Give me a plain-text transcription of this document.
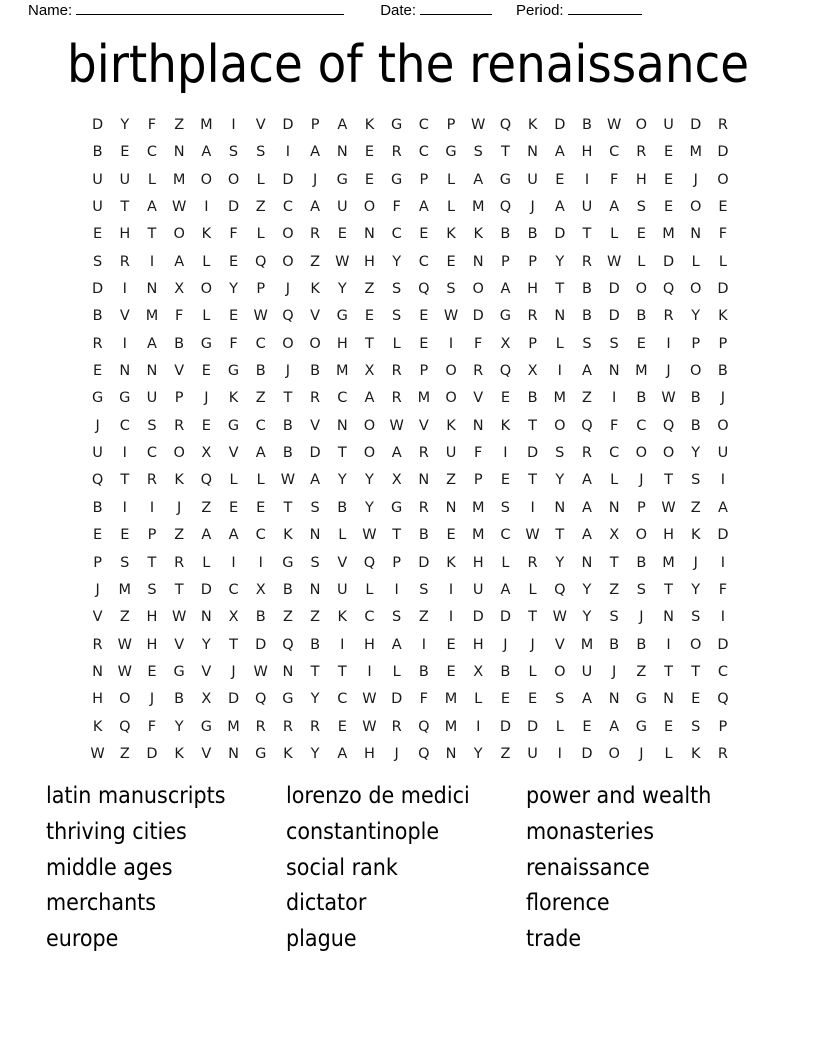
Name:	Date:	Period:
birthplace of the renaissance
D	Y	F	Z	M	I	V	D	P	A	K	G	C	P	W Q	K	D	B	W O	U	D	R
B	E	C	N	A	S	S	I	A	N	E	R	C	G	S	T	N	A	H	C	R	E	M	D
U	U	L	M	O	O	L	D	J	G	E	G	P	L	A	G	U	E	I	F	H	E	J	O
U	T	A	W	I	D	Z	C	A	U	O	F	A	L	M	Q	J	A	U	A	S	E	O	E
E	H	T	O	K	F	L	O	R	E	N	C	E	K	K	B	B	D	T	L	E	M	N	F
S	R	I	A	L	E	Q	O	Z	W	H	Y	C	E	N	P	P	Y	R	W	L	D	L	L
D	I	N	X	O	Y	P	J	K	Y	Z	S	Q	S	O	A	H	T	B	D	O	Q	O	D
B	V	M	F	L	E	W Q	V	G	E	S	E	W D	G	R	N	B	D	B	R	Y	K
R	I	A	B	G	F	C	O	O	H	T	L	E	I	F	X	P	L	S	S	E	I	P	P
E	N	N	V	E	G	B	J	B	M	X	R	P	O	R	Q	X	I	A	N	M	J	O	B
G	G	U	P	J	K	Z	T	R	C	A	R	M	O	V	E	B	M	Z	I	B	W	B	J
J	C	S	R	E	G	C	B	V	N	O W	V	K	N	K	T	O	Q	F	C	Q	B	O
U	I	C	O	X	V	A	B	D	T	O	A	R	U	F	I	D	S	R	C	O	O	Y	U
Q	T	R	K	Q	L	L	W	A	Y	Y	X	N	Z	P	E	T	Y	A	L	J	T	S	I
B	I	I	J	Z	E	E	T	S	B	Y	G	R	N	M	S	I	N	A	N	P	W	Z	A
E	E	P	Z	A	A	C	K	N	L	W	T	B	E	M	C	W	T	A	X	O	H	K	D
P	S	T	R	L	I	I	G	S	V	Q	P	D	K	H	L	R	Y	N	T	B	M	J	I
J	M	S	T	D	C	X	B	N	U	L	I	S	I	U	A	L	Q	Y	Z	S	T	Y	F
V	Z	H	W	N	X	B	Z	Z	K	C	S	Z	I	D	D	T	W	Y	S	J	N	S	I
R	W	H	V	Y	T	D	Q	B	I	H	A	I	E	H	J	J	V	M	B	B	I	O	D
N	W	E	G	V	J	W	N	T	T	I	L	B	E	X	B	L	O	U	J	Z	T	T	C
H	O	J	B	X	D	Q	G	Y	C	W D	F	M	L	E	E	S	A	N	G	N	E	Q
K	Q	F	Y	G	M	R	R	R	E	W	R	Q	M	I	D	D	L	E	A	G	E	S	P
W	Z	D	K	V	N	G	K	Y	A	H	J	Q	N	Y	Z	U	I	D	O	J	L	K	R
latin manuscripts	lorenzo de medici	power and wealth
thriving cities	constantinople	monasteries
middle ages	social rank	renaissance
merchants	dictator	florence
europe	plague	trade
